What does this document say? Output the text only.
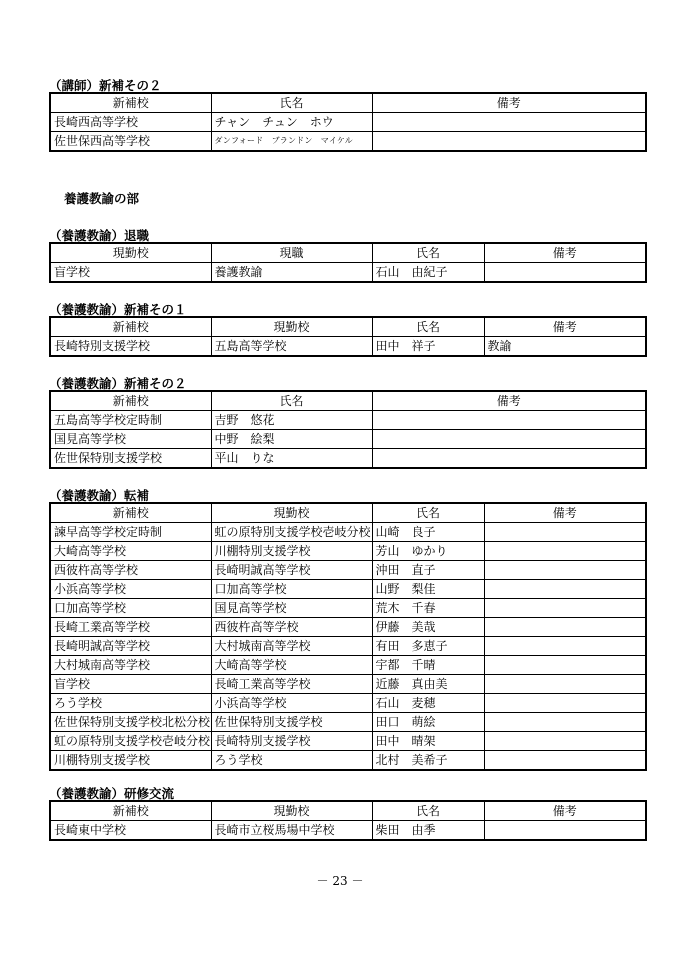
（講師）新補その２
新補校	氏名	備考
長崎西高等学校	チャン　チュン　ホウ	
佐世保西高等学校	ダンフォード　ブランドン　マイケル	
養護教諭の部
（養護教諭）退職
現勤校	現職	氏名	備考
盲学校	養護教諭	石山　由紀子	
（養護教諭）新補その１
新補校	現勤校	氏名	備考
長崎特別支援学校	五島高等学校	田中　祥子	教諭
（養護教諭）新補その２
新補校	氏名	備考
五島高等学校定時制	吉野　悠花	
国見高等学校	中野　絵梨	
佐世保特別支援学校	平山　りな	
（養護教諭）転補
新補校	現勤校	氏名	備考
諫早高等学校定時制	虹の原特別支援学校壱岐分校	山崎　良子	
大崎高等学校	川棚特別支援学校	芳山　ゆかり	
西彼杵高等学校	長崎明誠高等学校	沖田　直子	
小浜高等学校	口加高等学校	山野　梨佳	
口加高等学校	国見高等学校	荒木　千春	
長崎工業高等学校	西彼杵高等学校	伊藤　美哉	
長崎明誠高等学校	大村城南高等学校	有田　多恵子	
大村城南高等学校	大崎高等学校	宇都　千晴	
盲学校	長崎工業高等学校	近藤　真由美	
ろう学校	小浜高等学校	石山　麦穂	
佐世保特別支援学校北松分校	佐世保特別支援学校	田口　萌絵	
虹の原特別支援学校壱岐分校	長崎特別支援学校	田中　晴架	
川棚特別支援学校	ろう学校	北村　美希子	
（養護教諭）研修交流
新補校	現勤校	氏名	備考
長崎東中学校	長崎市立桜馬場中学校	柴田　由季	
－ 23 －
